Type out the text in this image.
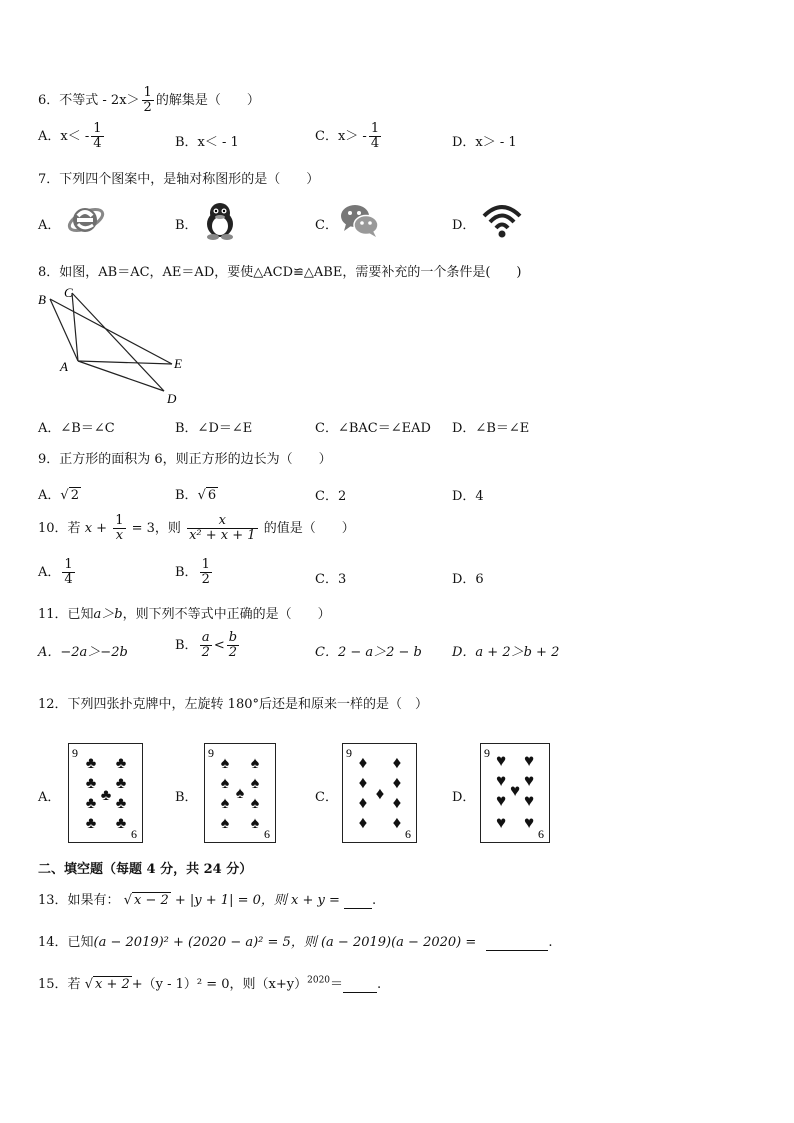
6．不等式 - $2x> \frac{1}{2}$ 的解集是（　　）
A．$x< - \frac{1}{4}$	B．x＜ - 1	C．$x> - \frac{1}{4}$	D．x＞ - 1
7．下列四个图案中，是轴对称图形的是（　　）
A．	B．	C．	D．
8．如图，AB＝AC，AE＝AD，要使△ACD≌△ABE，需要补充的一个条件是(　　)
B C
A	E
D
A．∠B＝∠C	B．∠D＝∠E	C．∠BAC＝∠EAD D．∠B＝∠E
9．正方形的面积为 6，则正方形的边长为（　　）
A．√ 2	B．√ 6	C．2	D．4
10．若 $x + \frac{1}{x} = 3$，则 $\frac{x}{\text{x² + x + 1}}$ 的值是（　　）
A． $\frac{1}{4}$	B． $\frac{1}{2}$	C．3	D．6
11．已知a＞b，则下列不等式中正确的是（　　）
A．−2a＞−2b	B． $\frac{a}{2} < \frac{b}{2}$	C．2 − a＞2 − b D．a + 2＞b + 2
12．下列四张扑克牌中，左旋转 180°后还是和原来一样的是（　）
A．
9
6
♣ ♣
♣ ♣
♣
♣ ♣
♣ ♣
B．
9
6
♠ ♠
♠ ♠
♠
♠ ♠
♠ ♠
C．
9
6
♦ ♦
♦ ♦
♦
♦ ♦
♦ ♦
D．
9
6
♥ ♥
♥ ♥
♥
♥ ♥
♥ ♥
二、填空题（每题 4 分，共 24 分）
13．如果有： √ x − 2 + |y + 1| = 0，则 x + y = .
14．已知(a − 2019)² + (2020 − a)² = 5，则 (a − 2019)(a − 2020) =	.
15．若 √ x + 2 +（y - 1）² = 0，则$(x+y)^{2020}=$	.
